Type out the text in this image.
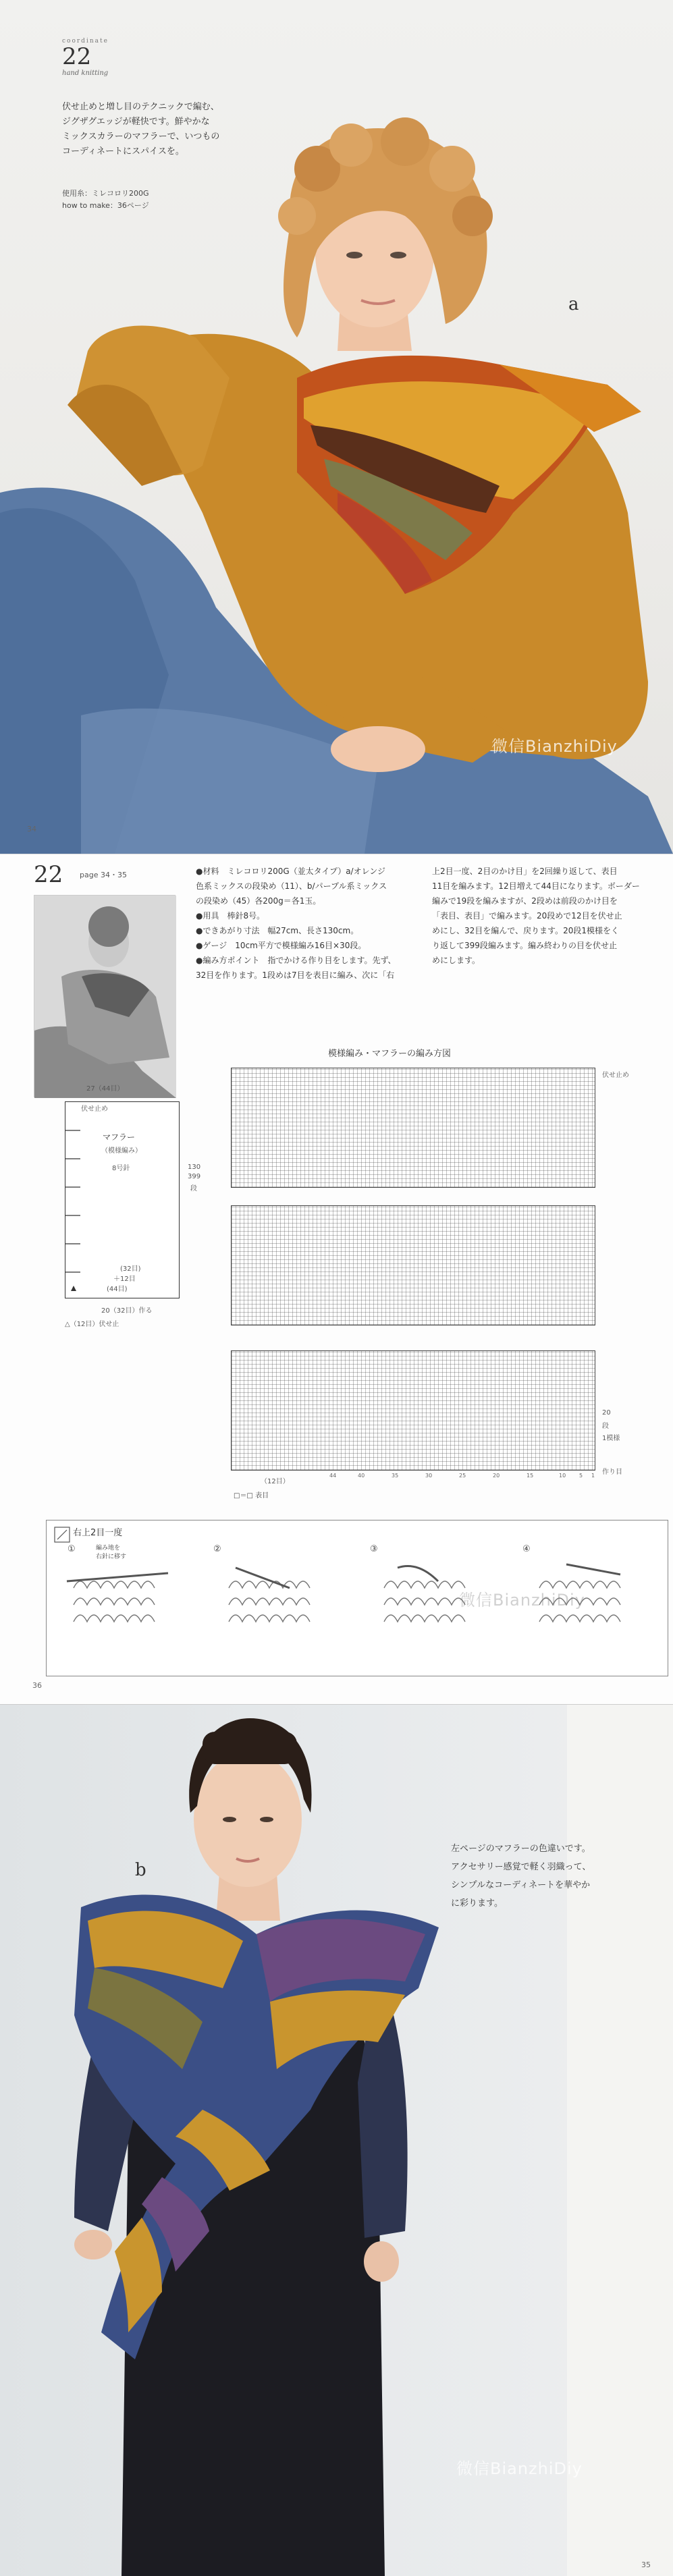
coordinate
22
hand knitting

伏せ止めと増し目のテクニックで編む、
ジグザグエッジが軽快です。鮮やかな
ミックスカラーのマフラーで、いつもの
コーディネートにスパイスを。

使用糸：ミレコロリ200G
how to make：36ページ
a
微信BianzhiDiy
34
22 page 34・35	●材料　ミレコロリ200G（並太タイプ）a/オレンジ
色系ミックスの段染め（11）、b/パープル系ミックス
の段染め（45）各200g＝各1玉。
●用具　棒針8号。
●できあがり寸法　幅27cm、長さ130cm。
●ゲージ　10cm平方で模様編み16目×30段。
●編み方ポイント　指でかける作り目をします。先ず、
32目を作ります。1段めは7目を表目に編み、次に「右
上2目一度、2目のかけ目」を2回繰り返して、表目
11目を編みます。12目増えて44目になります。ボーダー
編みで19段を編みますが、2段めは前段のかけ目を
「表目、表目」で編みます。20段めで12目を伏せ止
めにし、32目を編んで、戻ります。20段1模様をく
り返して399段編みます。編み終わりの目を伏せ止
めにします。
模様編み・マフラーの編み方図
27（44目）
伏せ止め
マフラー
（模様編み）
8号針	130
399
段
(32目)
＋12目
(44目)
20（32目）作る
△（12目）伏せ止
伏せ止め
20
段
1模様
作り目
（12目）
44	40	35	30	25	20	15	10 5 1
□＝□ 表目
右上2目一度
①	②	③	④
編み地を
右針に移す
微信BianzhiDiy
36

左ページのマフラーの色違いです。
アクセサリー感覚で軽く羽織って、
シンプルなコーディネートを華やか
に彩ります。

b
微信BianzhiDiy
35
